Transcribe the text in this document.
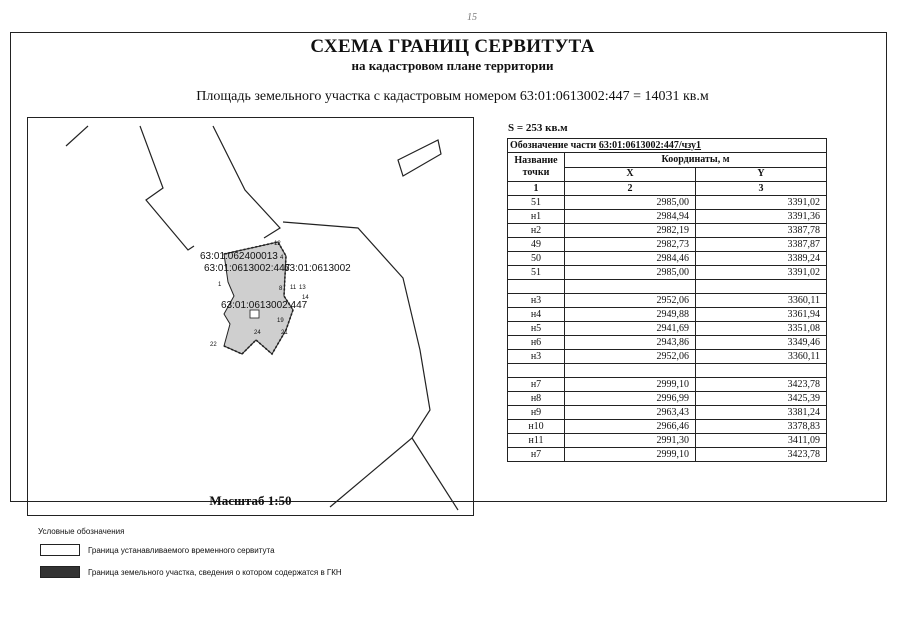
15
СХЕМА ГРАНИЦ СЕРВИТУТА
на кадастровом плане территории
Площадь земельного участка с кадастровым номером 63:01:0613002:447 = 14031 кв.м
63:01:062400013
63:01:0613002:447
63:01:0613002
63:01:0613002:447
12
4
11 13
14
8
19
21
24
22
1
Масштаб 1:50
S = 253 кв.м
Обозначение части 63:01:0613002:447/чзу1		
Название точки	Координаты, м	
	X	Y
1	2	3
51	2985,00	3391,02
н1	2984,94	3391,36
н2	2982,19	3387,78
49	2982,73	3387,87
50	2984,46	3389,24
51	2985,00	3391,02

н3	2952,06	3360,11
н4	2949,88	3361,94
н5	2941,69	3351,08
н6	2943,86	3349,46
н3	2952,06	3360,11

н7	2999,10	3423,78
н8	2996,99	3425,39
н9	2963,43	3381,24
н10	2966,46	3378,83
н11	2991,30	3411,09
н7	2999,10	3423,78
Условные обозначения
Граница устанавливаемого временного сервитута
Граница земельного участка, сведения о котором содержатся в ГКН
